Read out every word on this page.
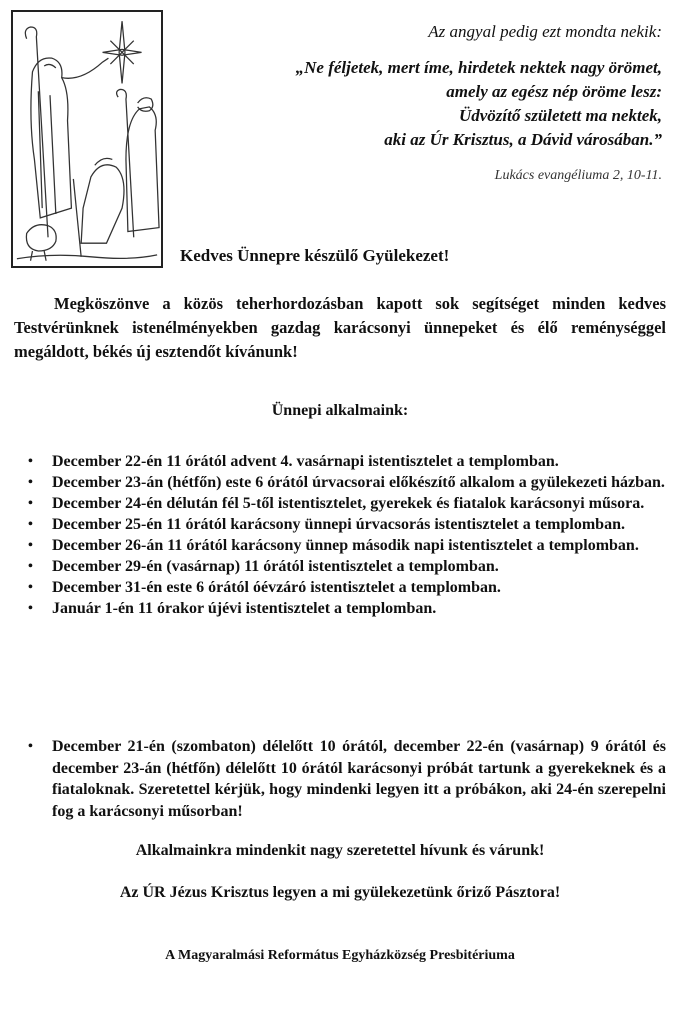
Az angyal pedig ezt mondta nekik:

„Ne féljetek, mert íme, hirdetek nektek nagy örömet,
amely az egész nép öröme lesz:
Üdvözítő született ma nektek,
aki az Úr Krisztus, a Dávid városában.”
Lukács evangéliuma 2, 10-11.
Kedves Ünnepre készülő Gyülekezet!

Megköszönve a közös teherhordozásban kapott sok segítséget minden kedves Testvérünknek istenélményekben gazdag karácsonyi ünnepeket és élő reménységgel megáldott, békés új esztendőt kívánunk!

Ünnepi alkalmaink:
• December 22-én 11 órától advent 4. vasárnapi istentisztelet a templomban.
• December 23-án (hétfőn) este 6 órától úrvacsorai előkészítő alkalom a gyülekezeti házban.
• December 24-én délután fél 5-től istentisztelet, gyerekek és fiatalok karácsonyi műsora.
• December 25-én 11 órától karácsony ünnepi úrvacsorás istentisztelet a templomban.
• December 26-án 11 órától karácsony ünnep második napi istentisztelet a templomban.
• December 29-én (vasárnap) 11 órától istentisztelet a templomban.
• December 31-én este 6 órától óévzáró istentisztelet a templomban.
• Január 1-én 11 órakor újévi istentisztelet a templomban.
• December 21-én (szombaton) délelőtt 10 órától, december 22-én (vasárnap) 9 órától és december 23-án (hétfőn) délelőtt 10 órától karácsonyi próbát tartunk a gyerekeknek és a fiataloknak. Szeretettel kérjük, hogy mindenki legyen itt a próbákon, aki 24-én szerepelni fog a karácsonyi műsorban!
Alkalmainkra mindenkit nagy szeretettel hívunk és várunk!
Az ÚR Jézus Krisztus legyen a mi gyülekezetünk őriző Pásztora!
A Magyaralmási Református Egyházközség Presbitériuma
